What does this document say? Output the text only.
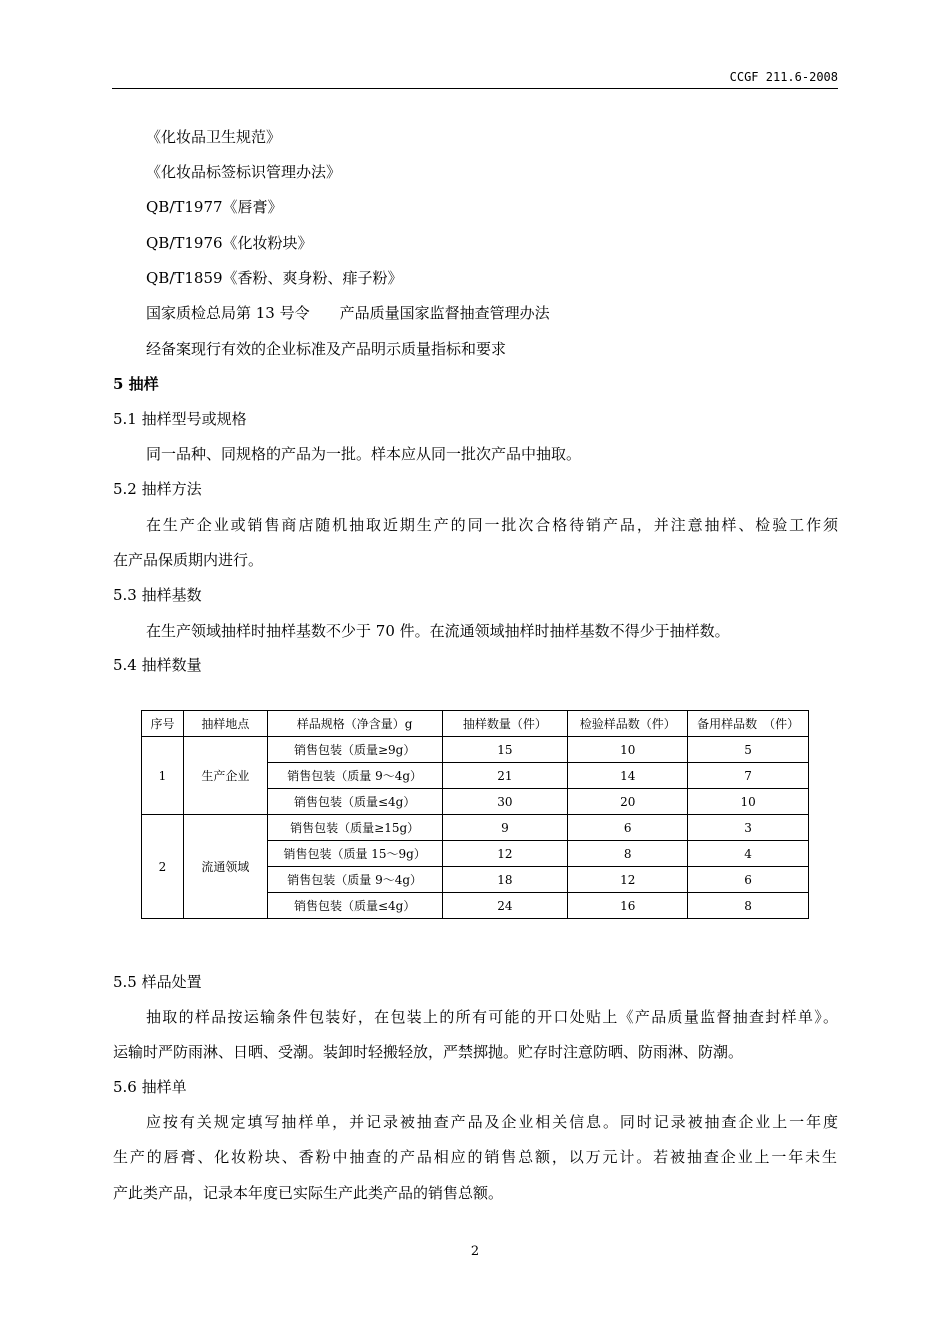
CCGF 211.6-2008
《化妆品卫生规范》
《化妆品标签标识管理办法》
QB/T1977《唇膏》
QB/T1976《化妆粉块》
QB/T1859《香粉、爽身粉、痱子粉》
国家质检总局第 13 号令　　产品质量国家监督抽查管理办法
经备案现行有效的企业标准及产品明示质量指标和要求
5 抽样
5.1 抽样型号或规格
同一品种、同规格的产品为一批。样本应从同一批次产品中抽取。
5.2 抽样方法
在生产企业或销售商店随机抽取近期生产的同一批次合格待销产品，并注意抽样、检验工作须
在产品保质期内进行。
5.3 抽样基数
在生产领域抽样时抽样基数不少于 70 件。在流通领域抽样时抽样基数不得少于抽样数。
5.4 抽样数量
序号	抽样地点	样品规格（净含量）g	抽样数量（件）	检验样品数（件）	备用样品数　（件）
1	生产企业	销售包装（质量≥9g）	15	10	5
		销售包装（质量 9～4g）	21	14	7
		销售包装（质量≤4g）	30	20	10
2	流通领域	销售包装（质量≥15g）	9	6	3
		销售包装（质量 15～9g）	12	8	4
		销售包装（质量 9～4g）	18	12	6
		销售包装（质量≤4g）	24	16	8
5.5 样品处置
抽取的样品按运输条件包装好，在包装上的所有可能的开口处贴上《产品质量监督抽查封样单》。
运输时严防雨淋、日晒、受潮。装卸时轻搬轻放，严禁掷抛。贮存时注意防晒、防雨淋、防潮。
5.6 抽样单
应按有关规定填写抽样单，并记录被抽查产品及企业相关信息。同时记录被抽查企业上一年度
生产的唇膏、化妆粉块、香粉中抽查的产品相应的销售总额，以万元计。若被抽查企业上一年未生
产此类产品，记录本年度已实际生产此类产品的销售总额。
2
